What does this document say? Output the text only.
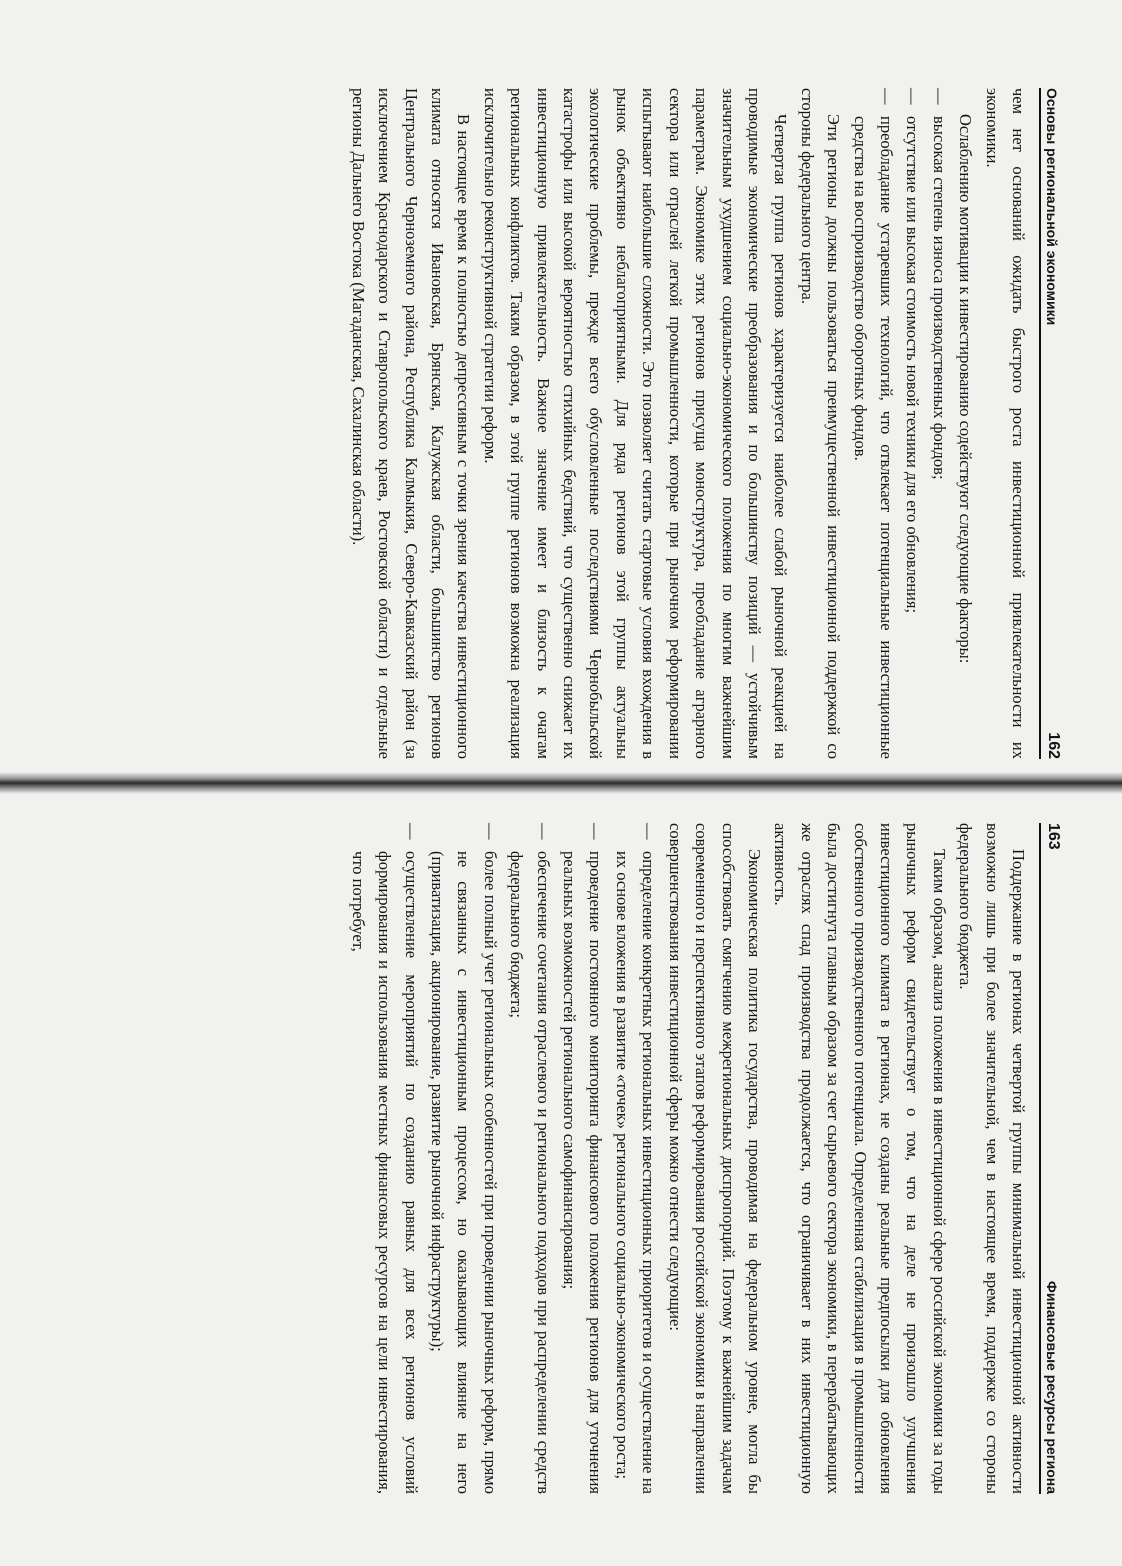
Основы региональной экономики
162

чем нет оснований ожидать быстрого роста инвестиционной привлекательности их экономики.

Ослаблению мотивации к инвестированию содействуют следующие факторы:

— высокая степень износа производственных фондов;
— отсутствие или высокая стоимость новой техники для его обновления;
— преобладание устаревших технологий, что отвлекает потенциальные инвестиционные средства на воспроизводство оборотных фондов.

Эти регионы должны пользоваться преимущественной инвестиционной поддержкой со стороны федерального центра.

Четвертая группа регионов характеризуется наиболее слабой рыночной реакцией на проводимые экономические преобразования и по большинству позиций — устойчивым значительным ухудшением социально-экономического положения по многим важнейшим параметрам. Экономике этих регионов присуща моноструктура, преобладание аграрного сектора или отраслей легкой промышленности, которые при рыночном реформировании испытывают наибольшие сложности. Это позволяет считать стартовые условия вхождения в рынок объективно неблагоприятными. Для ряда регионов этой группы актуальны экологические проблемы, прежде всего обусловленные последствиями Чернобыльской катастрофы или высокой вероятностью стихийных бедствий, что существенно снижает их инвестиционную привлекательность. Важное значение имеет и близость к очагам региональных конфликтов. Таким образом, в этой группе регионов возможна реализация исключительно реконструктивной стратегии реформ.

В настоящее время к полностью депрессивным с точки зрения качества инвестиционного климата относятся Ивановская, Брянская, Калужская области, большинство регионов Центрального Черноземного района, Республика Калмыкия, Северо-Кавказский район (за исключением Краснодарского и Ставропольского краев, Ростовской области) и отдельные регионы Дальнего Востока (Магаданская, Сахалинская области).

163
Финансовые ресурсы региона

Поддержание в регионах четвертой группы минимальной инвестиционной активности возможно лишь при более значительной, чем в настоящее время, поддержке со стороны федерального бюджета.

Таким образом, анализ положения в инвестиционной сфере российской экономики за годы рыночных реформ свидетельствует о том, что на деле не произошло улучшения инвестиционного климата в регионах, не созданы реальные предпосылки для обновления собственного производственного потенциала. Определенная стабилизация в промышленности была достигнута главным образом за счет сырьевого сектора экономики, в перерабатывающих же отраслях спад производства продолжается, что ограничивает в них инвестиционную активность.

Экономическая политика государства, проводимая на федеральном уровне, могла бы способствовать смягчению межрегиональных диспропорций. Поэтому к важнейшим задачам современного и перспективного этапов реформирования российской экономики в направлении совершенствования инвестиционной сферы можно отнести следующие:

— определение конкретных региональных инвестиционных приоритетов и осуществление на их основе вложения в развитие «точек» регионального социально-экономического роста;
— проведение постоянного мониторинга финансового положения регионов для уточнения реальных возможностей регионального самофинансирования;
— обеспечение сочетания отраслевого и регионального подходов при распределении средств федерального бюджета;
— более полный учет региональных особенностей при проведении рыночных реформ, прямо не связанных с инвестиционным процессом, но оказывающих влияние на него (приватизация, акционирование, развитие рыночной инфраструктуры);
— осуществление мероприятий по созданию равных для всех регионов условий формирования и использования местных финансовых ресурсов на цели инвестирования, что потребует,
